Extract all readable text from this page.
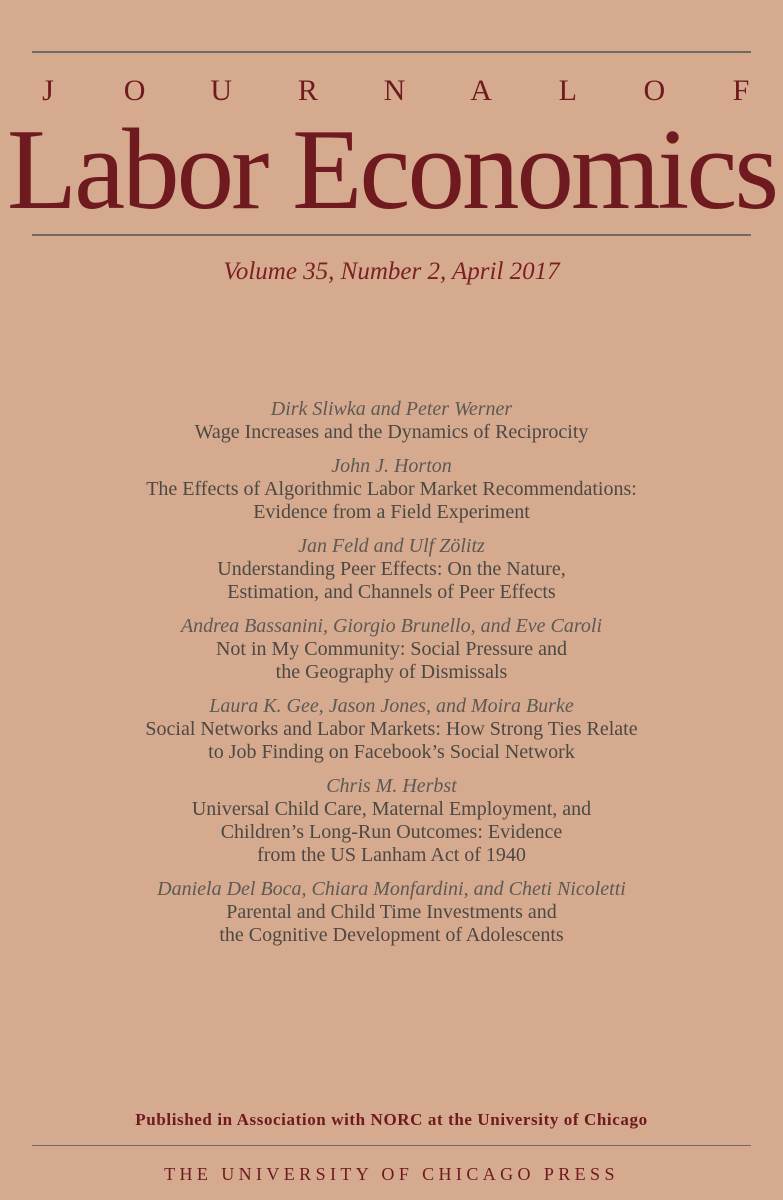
J	O U R N A L O F
Labor Economics
Volume 35, Number 2, April 2017
Dirk Sliwka and Peter Werner
Wage Increases and the Dynamics of Reciprocity
John J. Horton
The Effects of Algorithmic Labor Market Recommendations:
Evidence from a Field Experiment
Jan Feld and Ulf Zölitz
Understanding Peer Effects: On the Nature,
Estimation, and Channels of Peer Effects
Andrea Bassanini, Giorgio Brunello, and Eve Caroli
Not in My Community: Social Pressure and
the Geography of Dismissals
Laura K. Gee, Jason Jones, and Moira Burke
Social Networks and Labor Markets: How Strong Ties Relate
to Job Finding on Facebook’s Social Network
Chris M. Herbst
Universal Child Care, Maternal Employment, and
Children’s Long-Run Outcomes: Evidence
from the US Lanham Act of 1940
Daniela Del Boca, Chiara Monfardini, and Cheti Nicoletti
Parental and Child Time Investments and
the Cognitive Development of Adolescents
Published in Association with NORC at the University of Chicago
THE UNIVERSITY OF CHICAGO PRESS
